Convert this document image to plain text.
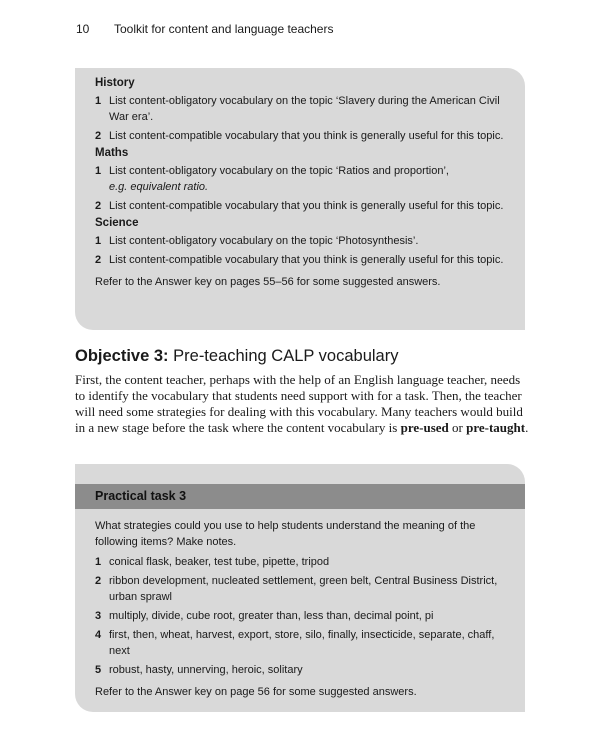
10 Toolkit for content and language teachers
History
1 List content-obligatory vocabulary on the topic ‘Slavery during the American Civil War era’.
2 List content-compatible vocabulary that you think is generally useful for this topic.
Maths
1 List content-obligatory vocabulary on the topic ‘Ratios and proportion’,
e.g. equivalent ratio.
2 List content-compatible vocabulary that you think is generally useful for this topic.
Science
1 List content-obligatory vocabulary on the topic ‘Photosynthesis’.
2 List content-compatible vocabulary that you think is generally useful for this topic.
Refer to the Answer key on pages 55–56 for some suggested answers.
Objective 3: Pre-teaching CALP vocabulary
First, the content teacher, perhaps with the help of an English language teacher, needs to identify the vocabulary that students need support with for a task. Then, the teacher will need some strategies for dealing with this vocabulary. Many teachers would build in a new stage before the task where the content vocabulary is pre-used or pre-taught.
Practical task 3
What strategies could you use to help students understand the meaning of the following items? Make notes.
1 conical flask, beaker, test tube, pipette, tripod
2 ribbon development, nucleated settlement, green belt, Central Business District, urban sprawl
3 multiply, divide, cube root, greater than, less than, decimal point, pi
4 first, then, wheat, harvest, export, store, silo, finally, insecticide, separate, chaff, next
5 robust, hasty, unnerving, heroic, solitary
Refer to the Answer key on page 56 for some suggested answers.
